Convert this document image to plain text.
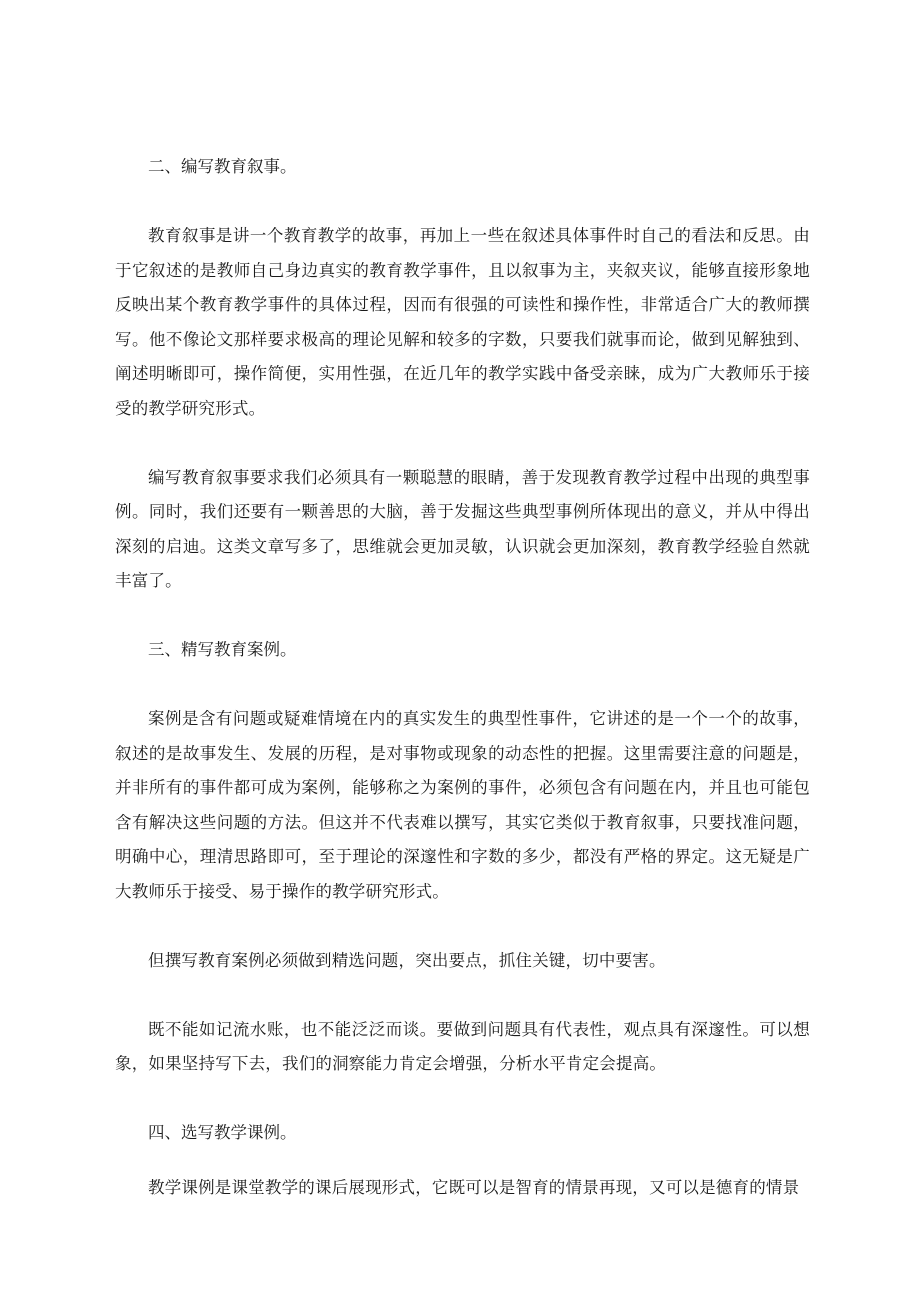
二、编写教育叙事。

教育叙事是讲一个教育教学的故事，再加上一些在叙述具体事件时自己的看法和反思。由于它叙述的是教师自己身边真实的教育教学事件，且以叙事为主，夹叙夹议，能够直接形象地反映出某个教育教学事件的具体过程，因而有很强的可读性和操作性，非常适合广大的教师撰写。他不像论文那样要求极高的理论见解和较多的字数，只要我们就事而论，做到见解独到、阐述明晰即可，操作简便，实用性强，在近几年的教学实践中备受亲睐，成为广大教师乐于接受的教学研究形式。

编写教育叙事要求我们必须具有一颗聪慧的眼睛，善于发现教育教学过程中出现的典型事例。同时，我们还要有一颗善思的大脑，善于发掘这些典型事例所体现出的意义，并从中得出深刻的启迪。这类文章写多了，思维就会更加灵敏，认识就会更加深刻，教育教学经验自然就丰富了。

三、精写教育案例。

案例是含有问题或疑难情境在内的真实发生的典型性事件，它讲述的是一个一个的故事，叙述的是故事发生、发展的历程，是对事物或现象的动态性的把握。这里需要注意的问题是，并非所有的事件都可成为案例，能够称之为案例的事件，必须包含有问题在内，并且也可能包含有解决这些问题的方法。但这并不代表难以撰写，其实它类似于教育叙事，只要找准问题，明确中心，理清思路即可，至于理论的深邃性和字数的多少，都没有严格的界定。这无疑是广大教师乐于接受、易于操作的教学研究形式。

但撰写教育案例必须做到精选问题，突出要点，抓住关键，切中要害。

既不能如记流水账，也不能泛泛而谈。要做到问题具有代表性，观点具有深邃性。可以想象，如果坚持写下去，我们的洞察能力肯定会增强，分析水平肯定会提高。

四、选写教学课例。

教学课例是课堂教学的课后展现形式，它既可以是智育的情景再现，又可以是德育的情景
